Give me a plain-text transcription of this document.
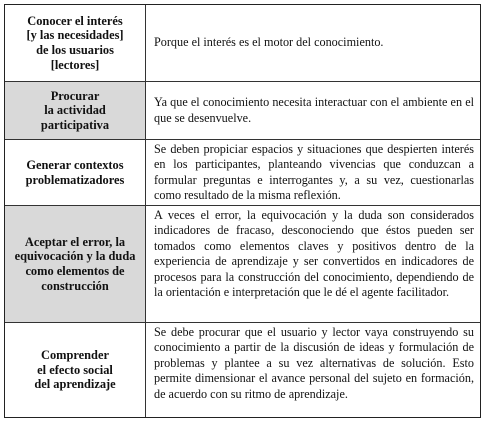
Conocer el interés
[y las necesidades]
de los usuarios
[lectores]
Porque el interés es el motor del conocimiento.
Procurar
la actividad
participativa
Ya que el conocimiento necesita interactuar con el ambiente en el que se desenvuelve.
Generar contextos
problematizadores
Se deben propiciar espacios y situaciones que despierten interés en los participantes, planteando vivencias que conduzcan a formular preguntas e interrogantes y, a su vez, cuestionarlas como resultado de la misma reflexión.
Aceptar el error, la
equivocación y la duda
como elementos de
construcción
A veces el error, la equivocación y la duda son considerados indicadores de fracaso, desconociendo que éstos pueden ser tomados como elementos claves y positivos dentro de la experiencia de aprendizaje y ser convertidos en indicadores de procesos para la construcción del conocimiento, dependiendo de la orientación e interpretación que le dé el agente facilitador.
Comprender
el efecto social
del aprendizaje
Se debe procurar que el usuario y lector vaya construyendo su conocimiento a partir de la discusión de ideas y formulación de problemas y plantee a su vez alternativas de solución. Esto permite dimensionar el avance personal del sujeto en formación, de acuerdo con su ritmo de aprendizaje.
